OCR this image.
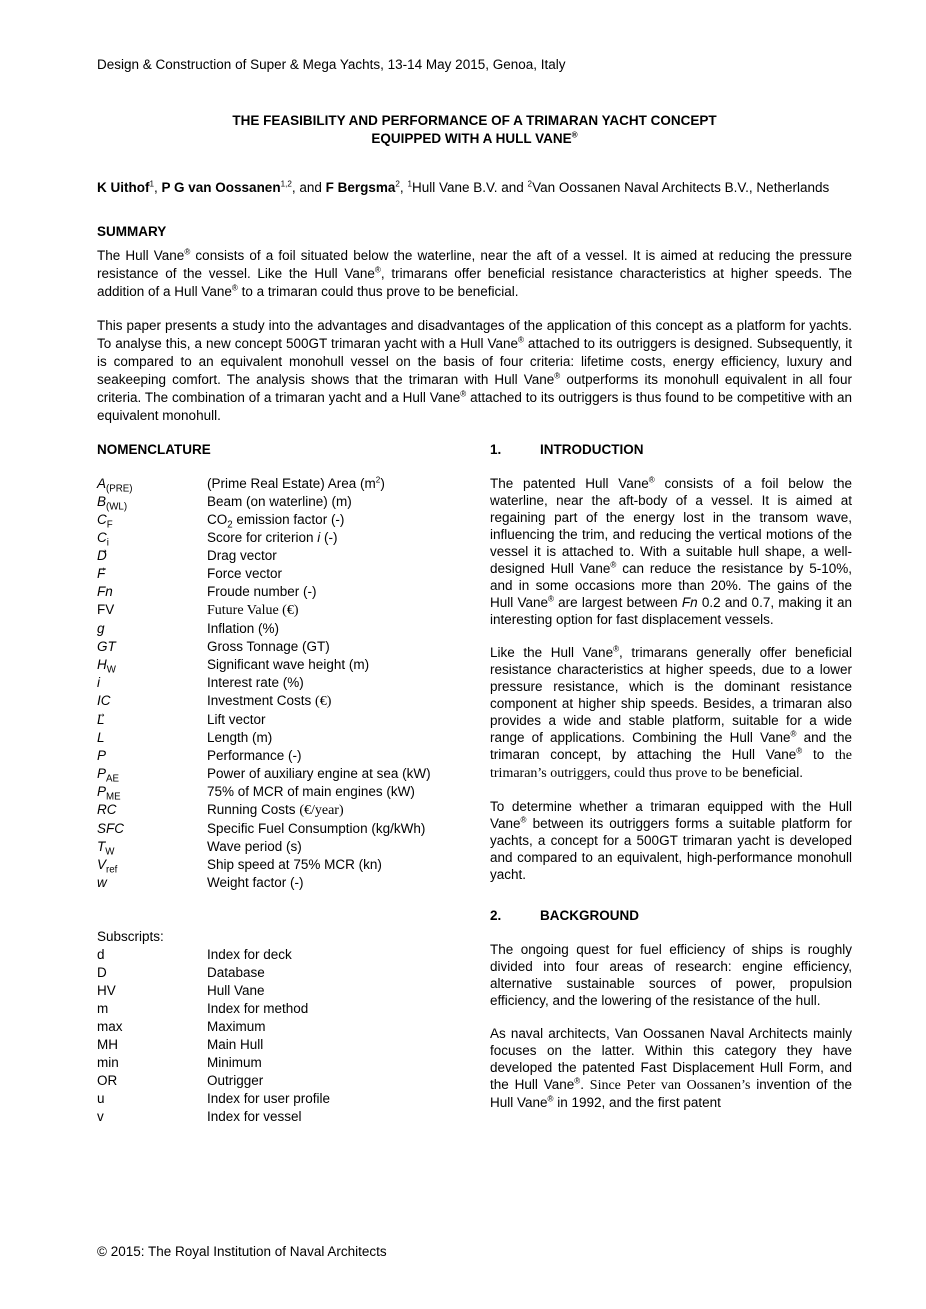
Design & Construction of Super & Mega Yachts, 13-14 May 2015, Genoa, Italy
THE FEASIBILITY AND PERFORMANCE OF A TRIMARAN YACHT CONCEPT
EQUIPPED WITH A HULL VANE®
K Uithof$^1$, P G van Oossanen$^{1,2}$, and F Bergsma$^2$, $^1$Hull Vane B.V. and $^2$Van Oossanen Naval Architects B.V., Netherlands
SUMMARY

The Hull Vane® consists of a foil situated below the waterline, near the aft of a vessel. It is aimed at reducing the pressure resistance of the vessel. Like the Hull Vane®, trimarans offer beneficial resistance characteristics at higher speeds. The addition of a Hull Vane® to a trimaran could thus prove to be beneficial.

This paper presents a study into the advantages and disadvantages of the application of this concept as a platform for yachts. To analyse this, a new concept 500GT trimaran yacht with a Hull Vane® attached to its outriggers is designed. Subsequently, it is compared to an equivalent monohull vessel on the basis of four criteria: lifetime costs, energy efficiency, luxury and seakeeping comfort. The analysis shows that the trimaran with Hull Vane® outperforms its monohull equivalent in all four criteria. The combination of a trimaran yacht and a Hull Vane® attached to its outriggers is thus found to be competitive with an equivalent monohull.

NOMENCLATURE
$A_{(PRE)}$	(Prime Real Estate) Area $(m^2)$
$B_{(WL)}$	Beam (on waterline) (m)
$C_F$	$CO_2$ emission factor (-)
$C_i$	Score for criterion i (-)
D	Drag vector
F	Force vector
Fn	Froude number (-)
FV	Future Value (€)
g	Inflation (%)
GT	Gross Tonnage (GT)
$H_W$	Significant wave height (m)
i	Interest rate (%)
IC	Investment Costs (€)
L	Lift vector
L	Length (m)
P	Performance (-)
$P_{AE}$	Power of auxiliary engine at sea (kW)
$P_{ME}$	75% of MCR of main engines (kW)
RC	Running Costs (€/year)
SFC	Specific Fuel Consumption (kg/kWh)
$T_W$	Wave period (s)
$V_{ref}$	Ship speed at 75% MCR (kn)
w	Weight factor (-)
Subscripts:
d	Index for deck
D	Database
HV	Hull Vane
m	Index for method
max	Maximum
MH	Main Hull
min	Minimum
OR	Outrigger
u	Index for user profile
v	Index for vessel
1.	INTRODUCTION

The patented Hull Vane® consists of a foil below the waterline, near the aft-body of a vessel. It is aimed at regaining part of the energy lost in the transom wave, influencing the trim, and reducing the vertical motions of the vessel it is attached to. With a suitable hull shape, a well-designed Hull Vane® can reduce the resistance by 5-10%, and in some occasions more than 20%. The gains of the Hull Vane® are largest between Fn 0.2 and 0.7, making it an interesting option for fast displacement vessels.

Like the Hull Vane®, trimarans generally offer beneficial resistance characteristics at higher speeds, due to a lower pressure resistance, which is the dominant resistance component at higher ship speeds. Besides, a trimaran also provides a wide and stable platform, suitable for a wide range of applications. Combining the Hull Vane® and the trimaran concept, by attaching the Hull Vane® to the trimaran’s outriggers, could thus prove to be beneficial.

To determine whether a trimaran equipped with the Hull Vane® between its outriggers forms a suitable platform for yachts, a concept for a 500GT trimaran yacht is developed and compared to an equivalent, high-performance monohull yacht.

2.	BACKGROUND

The ongoing quest for fuel efficiency of ships is roughly divided into four areas of research: engine efficiency, alternative sustainable sources of power, propulsion efficiency, and the lowering of the resistance of the hull.

As naval architects, Van Oossanen Naval Architects mainly focuses on the latter. Within this category they have developed the patented Fast Displacement Hull Form, and the Hull Vane®. Since Peter van Oossanen’s invention of the Hull Vane® in 1992, and the first patent

© 2015: The Royal Institution of Naval Architects
